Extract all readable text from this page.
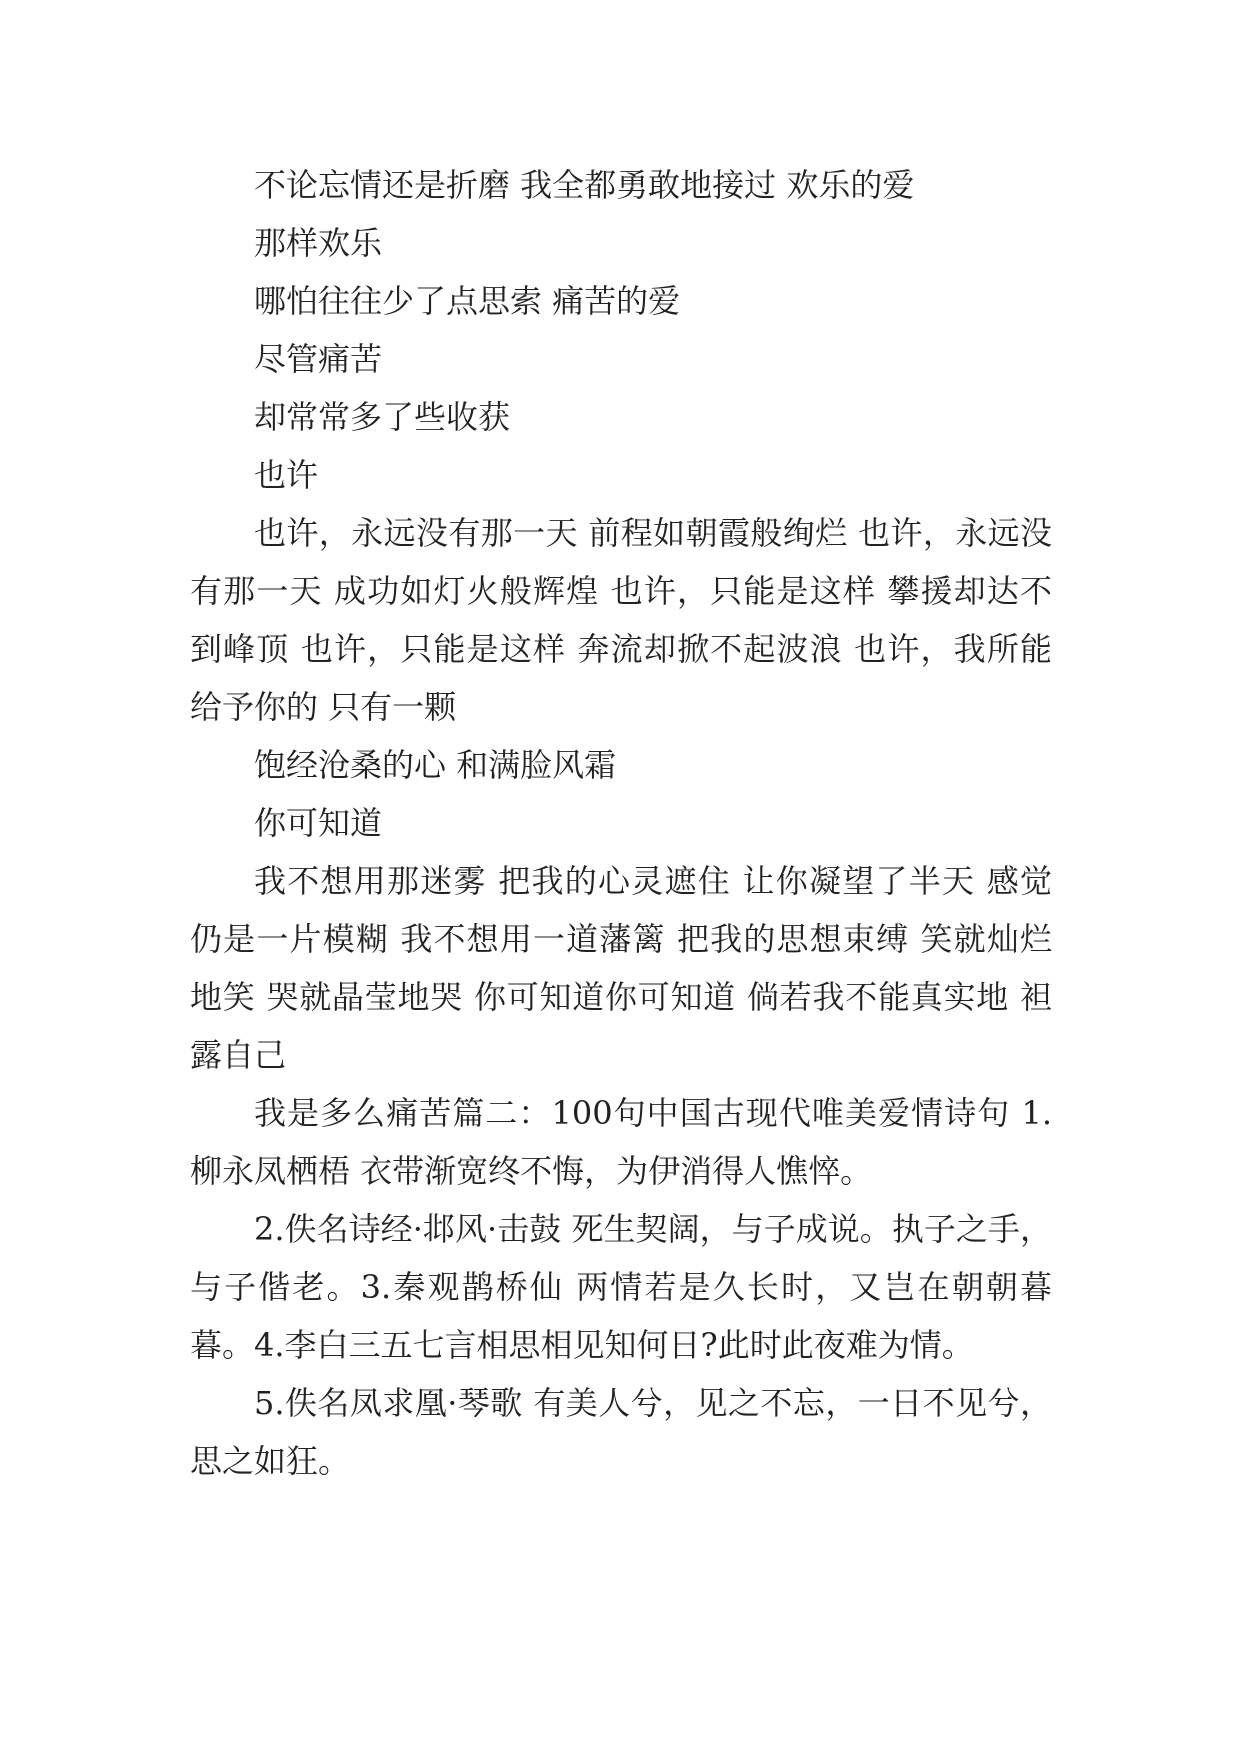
不论忘情还是折磨 我全都勇敢地接过 欢乐的爱

那样欢乐

哪怕往往少了点思索 痛苦的爱

尽管痛苦

却常常多了些收获

也许

也许，永远没有那一天 前程如朝霞般绚烂 也许，永远没有那一天 成功如灯火般辉煌 也许，只能是这样 攀援却达不到峰顶 也许，只能是这样 奔流却掀不起波浪 也许，我所能给予你的 只有一颗

饱经沧桑的心 和满脸风霜

你可知道

我不想用那迷雾 把我的心灵遮住 让你凝望了半天 感觉仍是一片模糊 我不想用一道藩篱 把我的思想束缚 笑就灿烂地笑 哭就晶莹地哭 你可知道你可知道 倘若我不能真实地 袒露自己

我是多么痛苦篇二：100句中国古现代唯美爱情诗句 1.柳永凤栖梧 衣带渐宽终不悔，为伊消得人憔悴。

2.佚名诗经·邶风·击鼓 死生契阔，与子成说。执子之手，与子偕老。3.秦观鹊桥仙 两情若是久长时，又岂在朝朝暮暮。4.李白三五七言相思相见知何日?此时此夜难为情。

5.佚名凤求凰·琴歌 有美人兮，见之不忘，一日不见兮，思之如狂。
